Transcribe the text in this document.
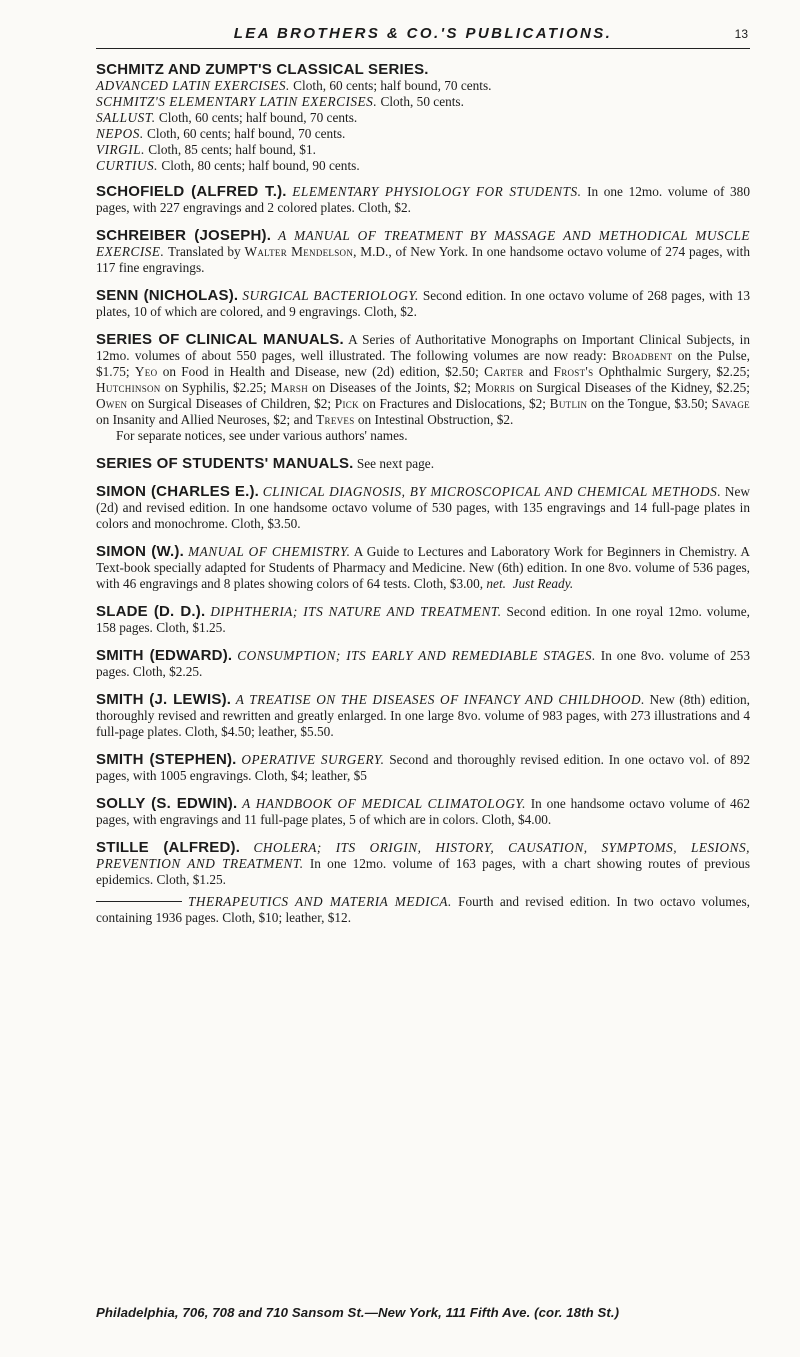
LEA BROTHERS & CO.'S PUBLICATIONS.	13
SCHMITZ AND ZUMPT'S CLASSICAL SERIES.
ADVANCED LATIN EXERCISES. Cloth, 60 cents; half bound, 70 cents.
SCHMITZ'S ELEMENTARY LATIN EXERCISES. Cloth, 50 cents.
SALLUST. Cloth, 60 cents; half bound, 70 cents.
NEPOS. Cloth, 60 cents; half bound, 70 cents.
VIRGIL. Cloth, 85 cents; half bound, $1.
CURTIUS. Cloth, 80 cents; half bound, 90 cents.
SCHOFIELD (ALFRED T.). ELEMENTARY PHYSIOLOGY FOR STUDENTS. In one 12mo. volume of 380 pages, with 227 engravings and 2 colored plates. Cloth, $2.
SCHREIBER (JOSEPH). A MANUAL OF TREATMENT BY MASSAGE AND METHODICAL MUSCLE EXERCISE. Translated by Walter Mendelson, M.D., of New York. In one handsome octavo volume of 274 pages, with 117 fine engravings.
SENN (NICHOLAS). SURGICAL BACTERIOLOGY. Second edition. In one octavo volume of 268 pages, with 13 plates, 10 of which are colored, and 9 engravings. Cloth, $2.
SERIES OF CLINICAL MANUALS. A Series of Authoritative Monographs on Important Clinical Subjects, in 12mo. volumes of about 550 pages, well illustrated. The following volumes are now ready: Broadbent on the Pulse, $1.75; Yeo on Food in Health and Disease, new (2d) edition, $2.50; Carter and Frost's Ophthalmic Surgery, $2.25; Hutchinson on Syphilis, $2.25; Marsh on Diseases of the Joints, $2; Morris on Surgical Diseases of the Kidney, $2.25; Owen on Surgical Diseases of Children, $2; Pick on Fractures and Dislocations, $2; Butlin on the Tongue, $3.50; Savage on Insanity and Allied Neuroses, $2; and Treves on Intestinal Obstruction, $2.
For separate notices, see under various authors' names.
SERIES OF STUDENTS' MANUALS. See next page.
SIMON (CHARLES E.). CLINICAL DIAGNOSIS, BY MICROSCOPICAL AND CHEMICAL METHODS. New (2d) and revised edition. In one handsome octavo volume of 530 pages, with 135 engravings and 14 full-page plates in colors and monochrome. Cloth, $3.50.
SIMON (W.). MANUAL OF CHEMISTRY. A Guide to Lectures and Laboratory Work for Beginners in Chemistry. A Text-book specially adapted for Students of Pharmacy and Medicine. New (6th) edition. In one 8vo. volume of 536 pages, with 46 engravings and 8 plates showing colors of 64 tests. Cloth, $3.00, net. Just Ready.
SLADE (D. D.). DIPHTHERIA; ITS NATURE AND TREATMENT. Second edition. In one royal 12mo. volume, 158 pages. Cloth, $1.25.
SMITH (EDWARD). CONSUMPTION; ITS EARLY AND REMEDIABLE STAGES. In one 8vo. volume of 253 pages. Cloth, $2.25.
SMITH (J. LEWIS). A TREATISE ON THE DISEASES OF INFANCY AND CHILDHOOD. New (8th) edition, thoroughly revised and rewritten and greatly enlarged. In one large 8vo. volume of 983 pages, with 273 illustrations and 4 full-page plates. Cloth, $4.50; leather, $5.50.
SMITH (STEPHEN). OPERATIVE SURGERY. Second and thoroughly revised edition. In one octavo vol. of 892 pages, with 1005 engravings. Cloth, $4; leather, $5
SOLLY (S. EDWIN). A HANDBOOK OF MEDICAL CLIMATOLOGY. In one handsome octavo volume of 462 pages, with engravings and 11 full-page plates, 5 of which are in colors. Cloth, $4.00.
STILLE (ALFRED). CHOLERA; ITS ORIGIN, HISTORY, CAUSATION, SYMPTOMS, LESIONS, PREVENTION AND TREATMENT. In one 12mo. volume of 163 pages, with a chart showing routes of previous epidemics. Cloth, $1.25.
THERAPEUTICS AND MATERIA MEDICA. Fourth and revised edition. In two octavo volumes, containing 1936 pages. Cloth, $10; leather, $12.
Philadelphia, 706, 708 and 710 Sansom St.—New York, 111 Fifth Ave. (cor. 18th St.)
